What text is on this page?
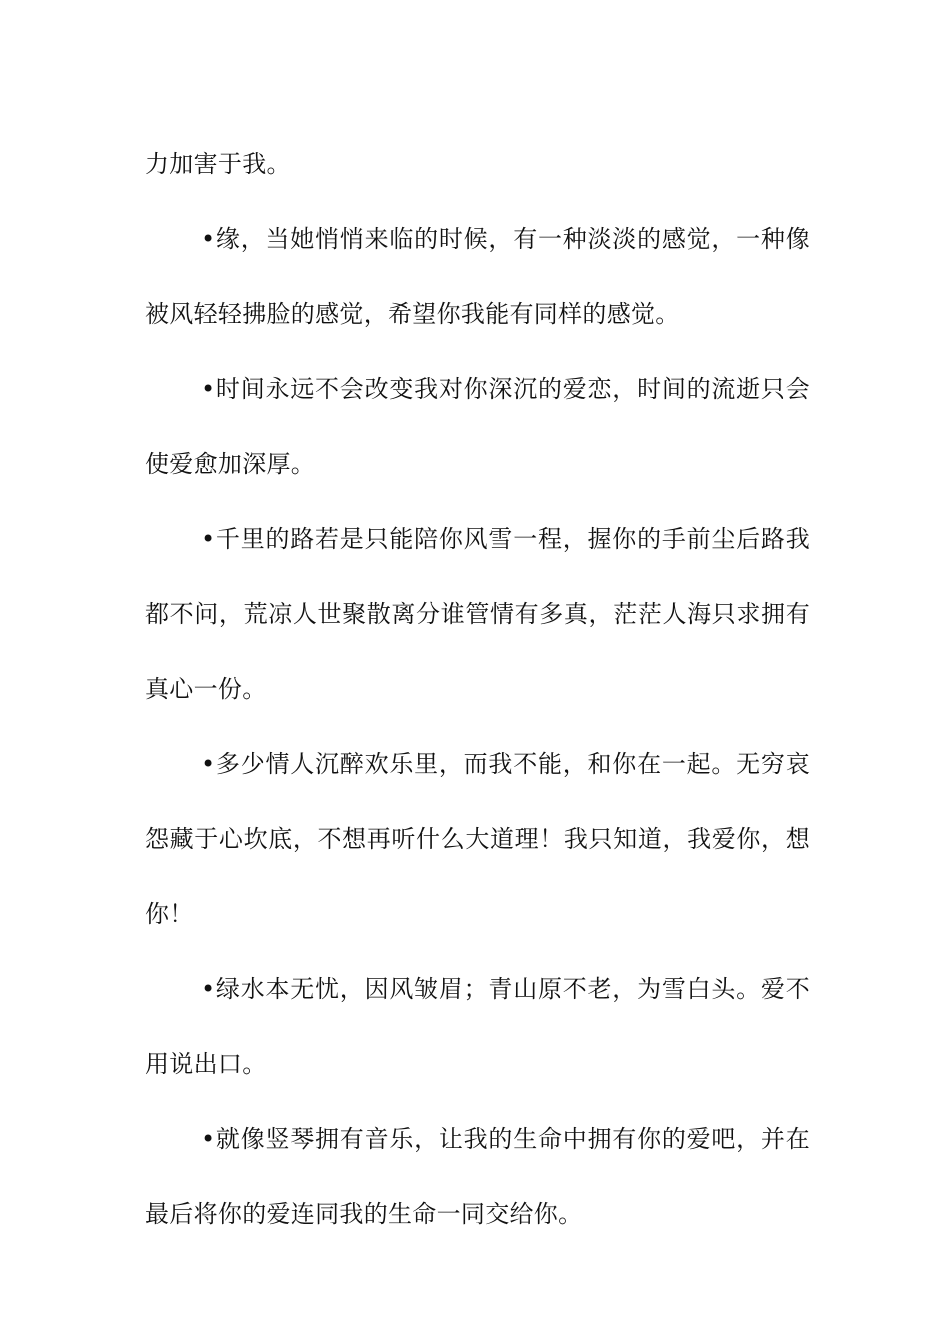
力加害于我。

•缘，当她悄悄来临的时候，有一种淡淡的感觉，一种像被风轻轻拂脸的感觉，希望你我能有同样的感觉。

•时间永远不会改变我对你深沉的爱恋，时间的流逝只会使爱愈加深厚。

•千里的路若是只能陪你风雪一程，握你的手前尘后路我都不问，荒凉人世聚散离分谁管情有多真，茫茫人海只求拥有真心一份。

•多少情人沉醉欢乐里，而我不能，和你在一起。无穷哀怨藏于心坎底，不想再听什么大道理！我只知道，我爱你，想你！

•绿水本无忧，因风皱眉；青山原不老，为雪白头。爱不用说出口。

•就像竖琴拥有音乐，让我的生命中拥有你的爱吧，并在最后将你的爱连同我的生命一同交给你。
